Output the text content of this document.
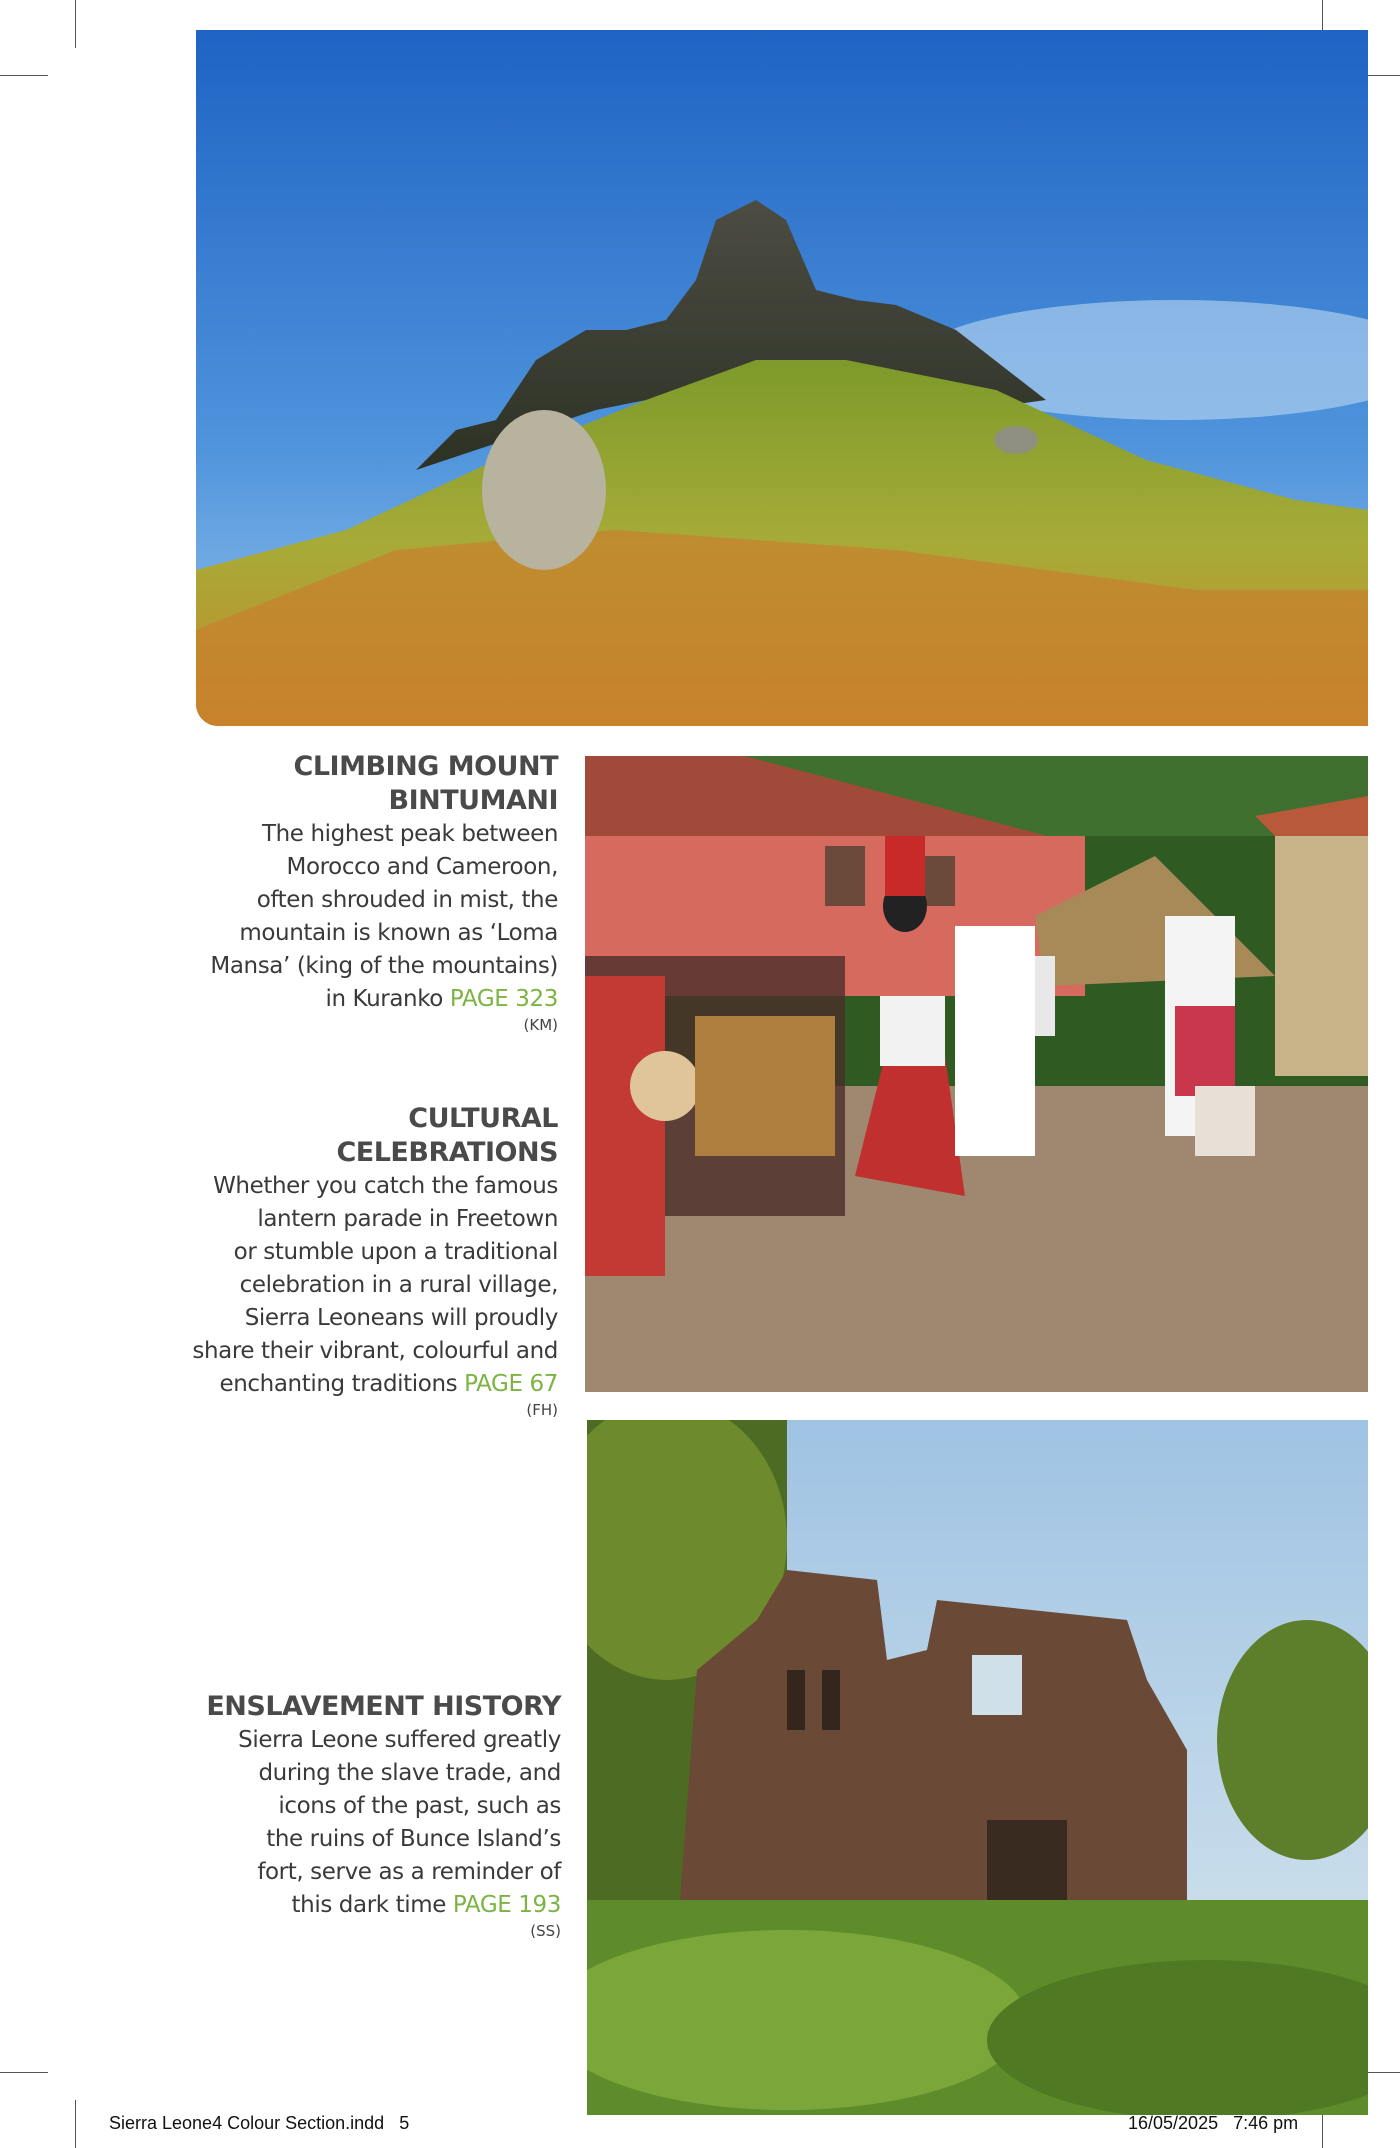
CLIMBING MOUNT
BINTUMANI

The highest peak between
Morocco and Cameroon,
often shrouded in mist, the
mountain is known as ‘Loma
Mansa’ (king of the mountains)
in Kuranko PAGE 323

(KM)

CULTURAL CELEBRATIONS

Whether you catch the famous
lantern parade in Freetown
or stumble upon a traditional
celebration in a rural village,
Sierra Leoneans will proudly
share their vibrant, colourful and
enchanting traditions PAGE 67

(FH)

ENSLAVEMENT HISTORY

Sierra Leone suffered greatly
during the slave trade, and
icons of the past, such as
the ruins of Bunce Island’s
fort, serve as a reminder of
this dark time PAGE 193

(SS)

Sierra Leone4 Colour Section.indd 5	16/05/2025 7:46 pm
